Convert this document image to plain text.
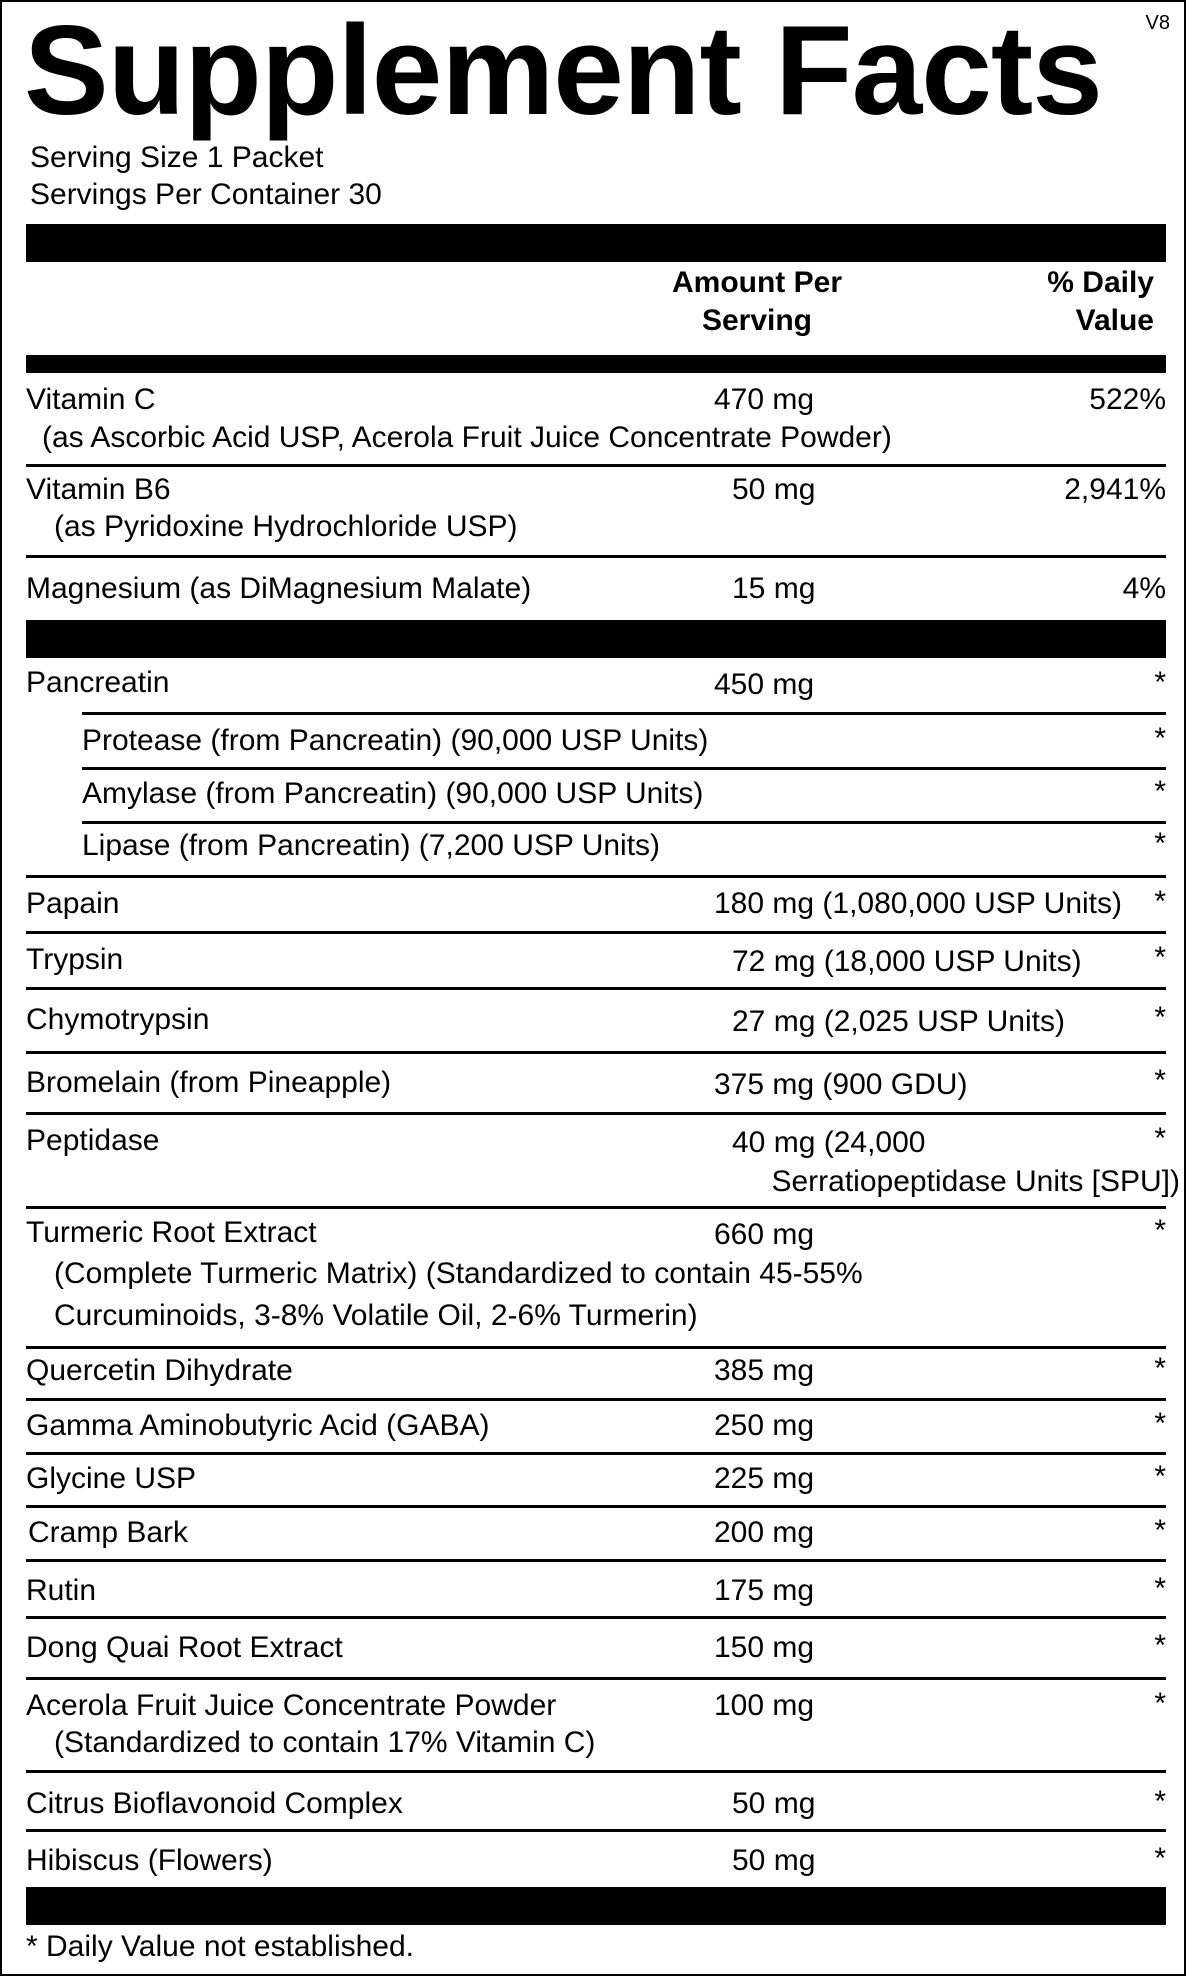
Supplement Facts V8
Serving Size 1 Packet
Servings Per Container 30
Amount Per
Serving
% Daily
Value
Vitamin C	470 mg	522%
(as Ascorbic Acid USP, Acerola Fruit Juice Concentrate Powder)
Vitamin B6	50 mg	2,941%
(as Pyridoxine Hydrochloride USP)
Magnesium (as DiMagnesium Malate)	15 mg	4%
Pancreatin	450 mg	*
Protease (from Pancreatin) (90,000 USP Units)	*
Amylase (from Pancreatin) (90,000 USP Units)	*
Lipase (from Pancreatin) (7,200 USP Units)	*
Papain	180 mg (1,080,000 USP Units) *
Trypsin	72 mg (18,000 USP Units) *
Chymotrypsin	27 mg (2,025 USP Units)	*
Bromelain (from Pineapple)	375 mg (900 GDU)	*
Peptidase	40 mg (24,000
Serratiopeptidase Units [SPU])
*
Turmeric Root Extract	660 mg	*
(Complete Turmeric Matrix) (Standardized to contain 45-55%
Curcuminoids, 3-8% Volatile Oil, 2-6% Turmerin)
Quercetin Dihydrate	385 mg	*
Gamma Aminobutyric Acid (GABA)	250 mg	*
Glycine USP	225 mg	*
Cramp Bark	200 mg	*
Rutin	175 mg	*
Dong Quai Root Extract	150 mg	*
Acerola Fruit Juice Concentrate Powder	100 mg	*
(Standardized to contain 17% Vitamin C)
Citrus Bioflavonoid Complex	50 mg	*
Hibiscus (Flowers)	50 mg	*
* Daily Value not established.
